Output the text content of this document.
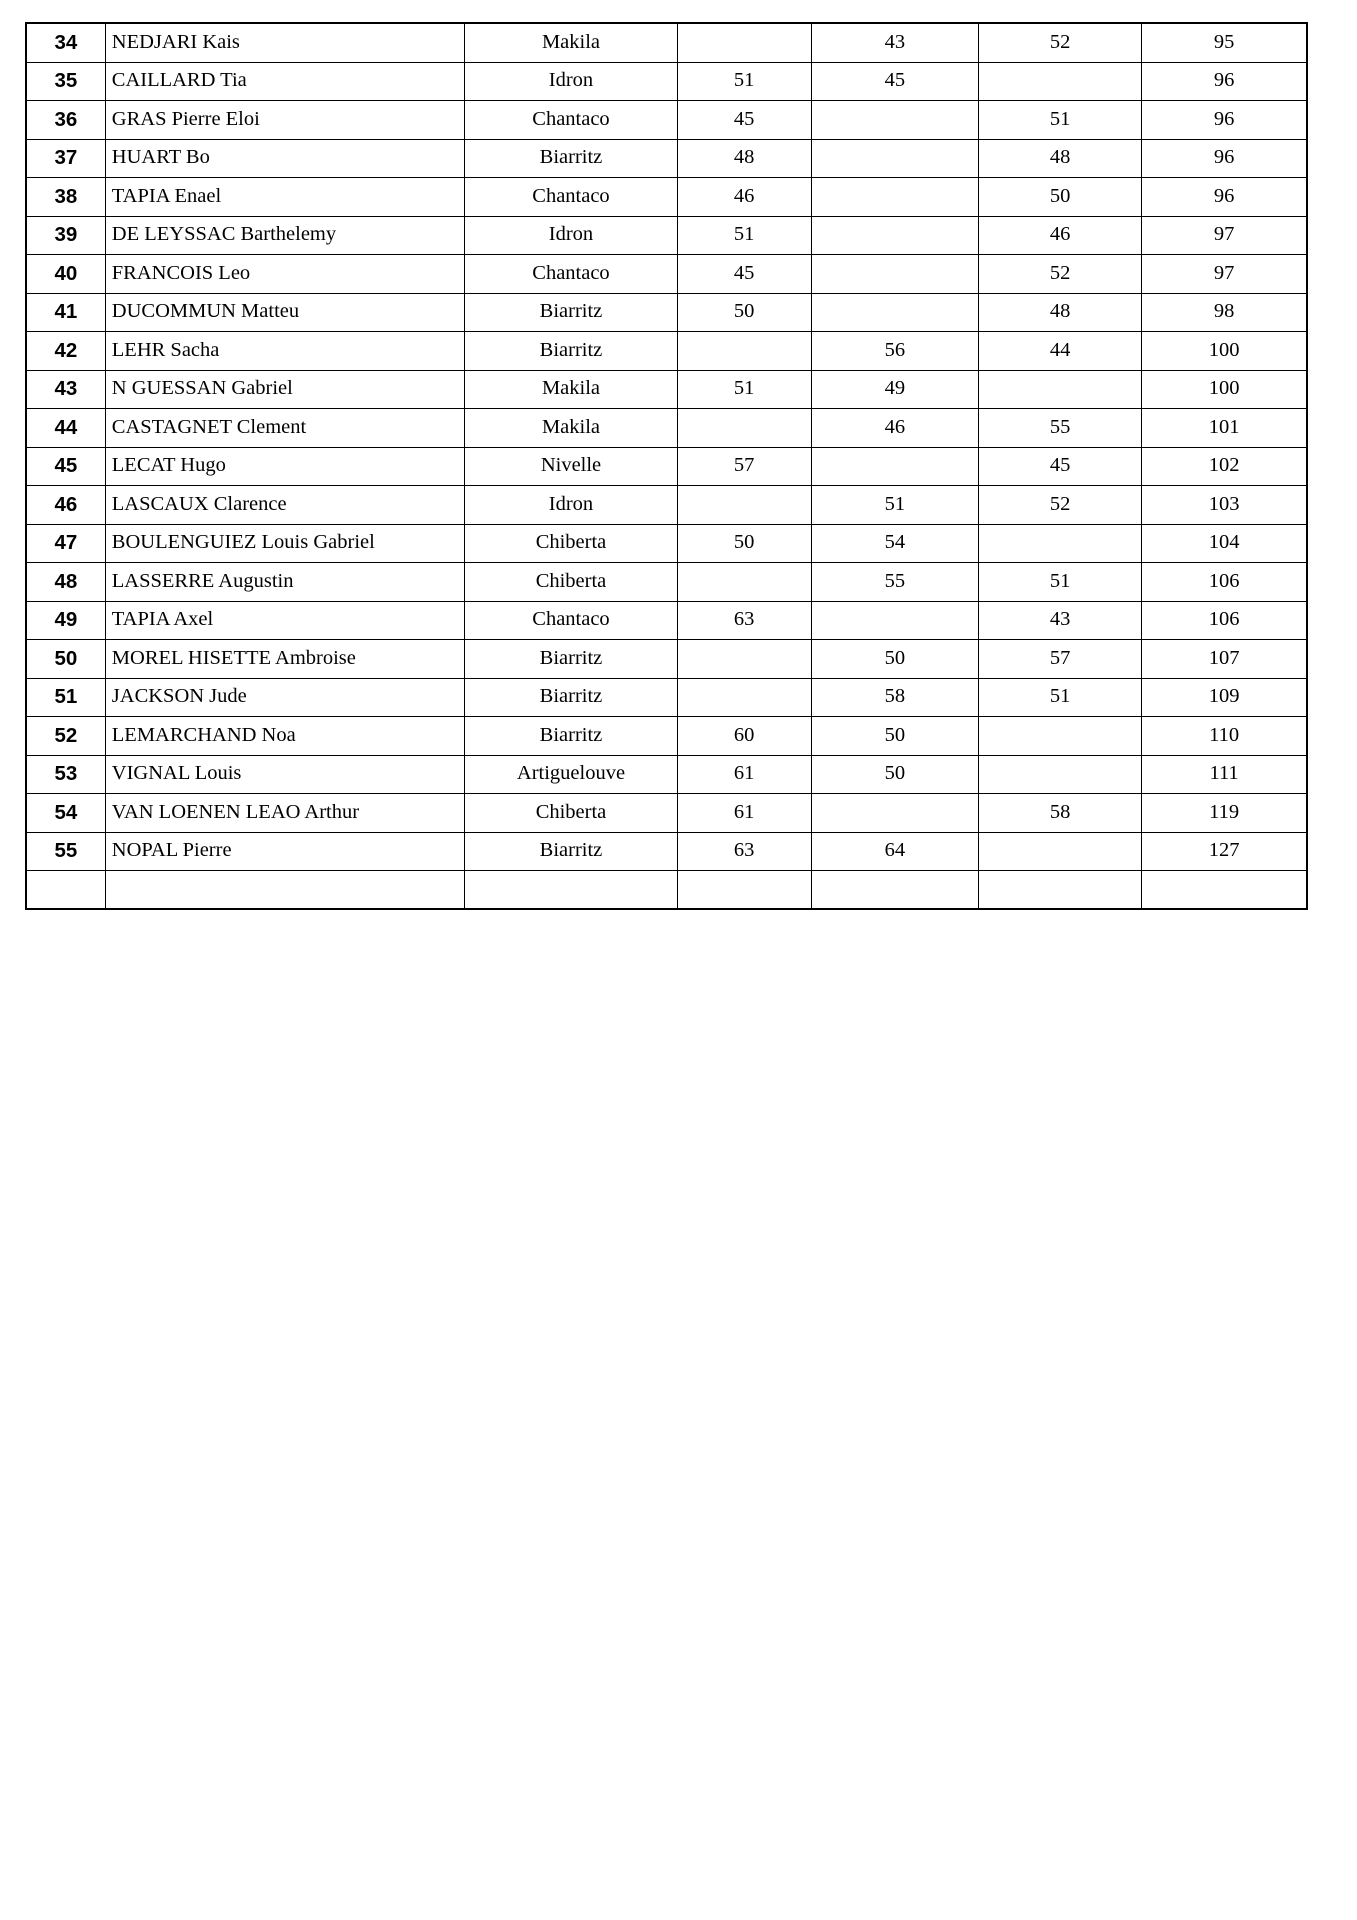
34	NEDJARI Kais	Makila		43	52	95
35	CAILLARD Tia	Idron	51	45		96
36	GRAS Pierre Eloi	Chantaco	45		51	96
37	HUART Bo	Biarritz	48		48	96
38	TAPIA Enael	Chantaco	46		50	96
39	DE LEYSSAC Barthelemy	Idron	51		46	97
40	FRANCOIS Leo	Chantaco	45		52	97
41	DUCOMMUN Matteu	Biarritz	50		48	98
42	LEHR Sacha	Biarritz		56	44	100
43	N GUESSAN Gabriel	Makila	51	49		100
44	CASTAGNET Clement	Makila		46	55	101
45	LECAT Hugo	Nivelle	57		45	102
46	LASCAUX Clarence	Idron		51	52	103
47	BOULENGUIEZ Louis Gabriel	Chiberta	50	54		104
48	LASSERRE Augustin	Chiberta		55	51	106
49	TAPIA Axel	Chantaco	63		43	106
50	MOREL HISETTE Ambroise	Biarritz		50	57	107
51	JACKSON Jude	Biarritz		58	51	109
52	LEMARCHAND Noa	Biarritz	60	50		110
53	VIGNAL Louis	Artiguelouve	61	50		111
54	VAN LOENEN LEAO Arthur	Chiberta	61		58	119
55	NOPAL Pierre	Biarritz	63	64		127
